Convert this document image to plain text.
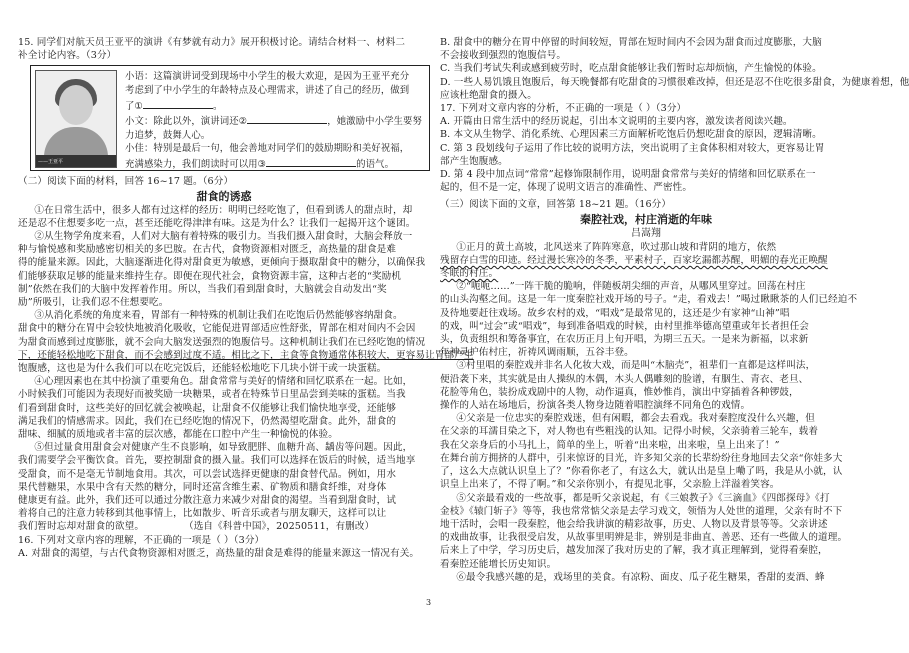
15. 同学们对航天员王亚平的演讲《有梦就有动力》展开积极讨论。请结合材料一、材料二
补全讨论内容。（3分）
——王亚平
小语：这篇演讲词受到现场中小学生的极大欢迎，是因为王亚平充分
考虑到了中小学生的年龄特点及心理需求，讲述了自己的经历，做到
了①	。
小文：除此以外，演讲词还②	，她激励中小学生要努
力追梦，鼓舞人心。
小佳：特别是最后一句，他会善地对同学们的鼓励期盼和美好祝福，
充满感染力，我们朗读时可以用③	的语气。
（二）阅读下面的材料，回答 16~17 题。（6分）
甜食的诱惑
①在日常生活中，很多人都有过这样的经历：明明已经吃饱了，但看到诱人的甜点时，却
还是忍不住想要多吃一点，甚至还能吃得津津有味。这是为什么？让我们一起揭开这个谜团。
②从生物学角度来看，人们对大脑有着特殊的吸引力。当我们摄入甜食时，大脑会释放一
种与愉悦感和奖励感密切相关的多巴胺。在古代，食物资源相对匮乏，高热量的甜食是难
得的能量来源。因此，大脑逐渐进化得对甜食更为敏感，更倾向于摄取甜食中的糖分，以确保我
们能够获取足够的能量来维持生存。即便在现代社会，食物资源丰富，这种古老的“奖励机
制”依然在我们的大脑中发挥着作用。所以，当我们看到甜食时，大脑就会自动发出“奖
励”所吸引，让我们忍不住想要吃。
③从消化系统的角度来看，胃部有一种特殊的机制让我们在吃饱后仍然能够容纳甜食。
甜食中的糖分在胃中会较快地被消化吸收，它能促进胃部适应性舒张，胃部在相对间内不会因
为甜食而感到过度膨胀，就不会向大脑发送强烈的饱腹信号。这种机制让我们在已经吃饱的情况
下，还能轻松地吃下甜食，而不会感到过度不适。相比之下，主食等食物通常体积较大，更容易让胃部产生
饱腹感，这也是为什么我们可以在吃完饭后，还能轻松地吃下几块小饼干或一块蛋糕。
④心理因素也在其中扮演了重要角色。甜食常常与美好的情绪和回忆联系在一起。比如，
小时候我们可能因为表现好而被奖励一块糖果，或者在特殊节日里品尝到美味的蛋糕。当我
们看到甜食时，这些美好的回忆就会被唤起，让甜食不仅能够让我们愉快地享受，还能够
满足我们的情感需求。因此，我们在已经吃饱的情况下，仍然渴望吃甜食。此外，甜食的
甜味、细腻的质地或者丰富的层次感，都能在口腔中产生一种愉悦的体验。
⑤但过量食用甜食会对健康产生不良影响，如导致肥胖、血糖升高、龋齿等问题。因此，
我们需要学会平衡饮食。首先，要控制甜食的摄入量。我们可以选择在饭后的时候，适当地享
受甜食，而不是毫无节制地食用。其次，可以尝试选择更健康的甜食替代品。例如，用水
果代替糖果，水果中含有天然的糖分，同时还富含维生素、矿物质和膳食纤维，对身体
健康更有益。此外，我们还可以通过分散注意力来减少对甜食的渴望。当看到甜食时，试
着将自己的注意力转移到其他事情上，比如散步、听音乐或者与朋友聊天，这样可以让
我们暂时忘却对甜食的欲望。	（选自《科普中国》，20250511，有删改）
16. 下列对文章内容的理解，不正确的一项是（ ）（3分）
A. 对甜食的渴望，与古代食物资源相对匮乏，高热量的甜食是难得的能量来源这一情况有关。
B. 甜食中的糖分在胃中停留的时间较短，胃部在短时间内不会因为甜食而过度膨胀，大脑
不会接收到强烈的饱腹信号。
C. 当我们考试失利或感到疲劳时，吃点甜食能够让我们暂时忘却烦恼，产生愉悦的体验。
D. 一些人易饥饿且饱腹后，每天晚餐都有吃甜食的习惯很难改掉，但还是忍不住吃很多甜食，为健康着想，他
应该杜绝甜食的摄入。
17. 下列对文章内容的分析，不正确的一项是（ ）（3分）
A. 开篇由日常生活中的经历说起，引出本文说明的主要内容，激发读者阅读兴趣。
B. 本文从生物学、消化系统、心理因素三方面解析吃饱后仍想吃甜食的原因，逻辑清晰。
C. 第 3 段划线句子运用了作比较的说明方法，突出说明了主食体积相对较大，更容易让胃
部产生饱腹感。
D. 第 4 段中加点词“常常”起修饰限制作用，说明甜食常常与美好的情绪和回忆联系在一
起的，但不是一定，体现了说明文语言的准确性、严密性。
（三）阅读下面的文章，回答第 18~21 题。（16分）
秦腔社戏，村庄消逝的年味
吕嵩翔
①正月的黄土高坡，北风送来了阵阵寒意，吹过那山坡和背阴的地方，依然
残留存白雪的印迹。经过漫长寒冷的冬季，平素村子，百家圪漏都苏醒，明媚的春光正唤醒
冬眠的村庄。
②“呃呃……”一阵干脆的脆响，伴随板胡尖细的声音，从哪风里穿过。回荡在村庄
的山头沟壑之间。这是一年一度秦腔社戏开场的号子。“走，看戏去！”喝过瞅瞅茶的人们已经迫不
及待地要赶往戏场。故乡农村的戏，“唱戏”是最常见的，这还是少有家神“山神”唱
的戏，叫“过会”或“唱戏”，每到准备唱戏的时候，由村里推举德高望重或年长者担任会
头，负责组织和筹备事宜，在农历正月上旬开唱，为期三五天。一是来为新福，以求新
年神灵护佑村庄，祈祷风调雨顺，五谷丰登。
③村里唱的秦腔戏并非名人化妆大戏，而是叫“木脑壳”，祖辈们一直都是这样叫法，
便沿袭下来，其实就是由人操纵的木偶，木头人偶雕刻的脸谱，有胭生、青衣、老旦、
花脸等角色，装扮成戏剧中的人物，动作逼真，惟妙惟肖，演出中穿插着各种锣鼓，
操作的人站在场地后，扮演各类人物身边随着唱腔演绎不同角色的戏情。
④父亲是一位忠实的秦腔戏迷，但有闲暇，都会去看戏。我对秦腔度没什么兴趣，但
在父亲的耳濡目染之下，对人物也有些粗浅的认知。记得小时候，父亲骑着三轮车，载着
我在父亲身后的小马扎上，简单的坐上，听着“出来啦，出来啦，皇上出来了！”
在舞台前方拥挤的人群中，引来惊讶的目光，许多知父亲的长辈纷纷往身地回去父亲“你娃多大
了，这么大点就认识皇上了？”你看你老了，有这么大，就认出是皇上嘞了吗，我是从小就，认
识皇上出来了，不得了啊。”和父亲你别小，有提见北事，父亲脸上洋溢着笑容。
⑤父亲最看戏的一些故事，都是听父亲说起，有《三娘教子》《三滴血》《四郎探母》《打
金枝》《辕门斩子》等等，我也常常惦父亲是去学习戏文，领悟为人处世的道理，父亲有时不下
地干活时，会唱一段秦腔，他会给我讲演的精彩故事，历史、人物以及背景等等。父亲讲述
的戏曲故事，让我很受启发，从故事里明辨是非，辨别是非曲直、善恶、还有一些做人的道理。
后来上了中学，学习历史后，越发加深了我对历史的了解，我才真正理解到，觉得看秦腔，
看秦腔还能增长历史知识。
⑥最令我感兴趣的是，戏场里的美食。有凉粉、面皮、瓜子花生糖果，香甜的麦酒、蜂
3
